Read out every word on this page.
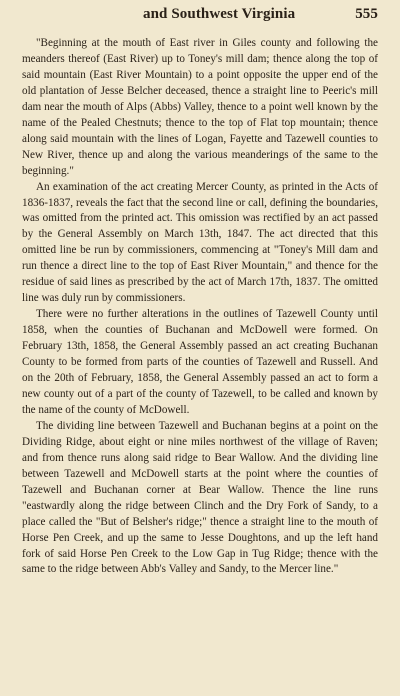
and Southwest Virginia	555

"Beginning at the mouth of East river in Giles county and following the meanders thereof (East River) up to Toney's mill dam; thence along the top of said mountain (East River Mountain) to a point opposite the upper end of the old plantation of Jesse Belcher deceased, thence a straight line to Peeric's mill dam near the mouth of Alps (Abbs) Valley, thence to a point well known by the name of the Pealed Chestnuts; thence to the top of Flat top mountain; thence along said mountain with the lines of Logan, Fayette and Tazewell counties to New River, thence up and along the various meanderings of the same to the beginning."

An examination of the act creating Mercer County, as printed in the Acts of 1836-1837, reveals the fact that the second line or call, defining the boundaries, was omitted from the printed act. This omission was rectified by an act passed by the General Assembly on March 13th, 1847. The act directed that this omitted line be run by commissioners, commencing at "Toney's Mill dam and run thence a direct line to the top of East River Mountain," and thence for the residue of said lines as prescribed by the act of March 17th, 1837. The omitted line was duly run by commissioners.

There were no further alterations in the outlines of Tazewell County until 1858, when the counties of Buchanan and McDowell were formed. On February 13th, 1858, the General Assembly passed an act creating Buchanan County to be formed from parts of the counties of Tazewell and Russell. And on the 20th of February, 1858, the General Assembly passed an act to form a new county out of a part of the county of Tazewell, to be called and known by the name of the county of McDowell.

The dividing line between Tazewell and Buchanan begins at a point on the Dividing Ridge, about eight or nine miles northwest of the village of Raven; and from thence runs along said ridge to Bear Wallow. And the dividing line between Tazewell and McDowell starts at the point where the counties of Tazewell and Buchanan corner at Bear Wallow. Thence the line runs "eastwardly along the ridge between Clinch and the Dry Fork of Sandy, to a place called the "But of Belsher's ridge;" thence a straight line to the mouth of Horse Pen Creek, and up the same to Jesse Doughtons, and up the left hand fork of said Horse Pen Creek to the Low Gap in Tug Ridge; thence with the same to the ridge between Abb's Valley and Sandy, to the Mercer line."
